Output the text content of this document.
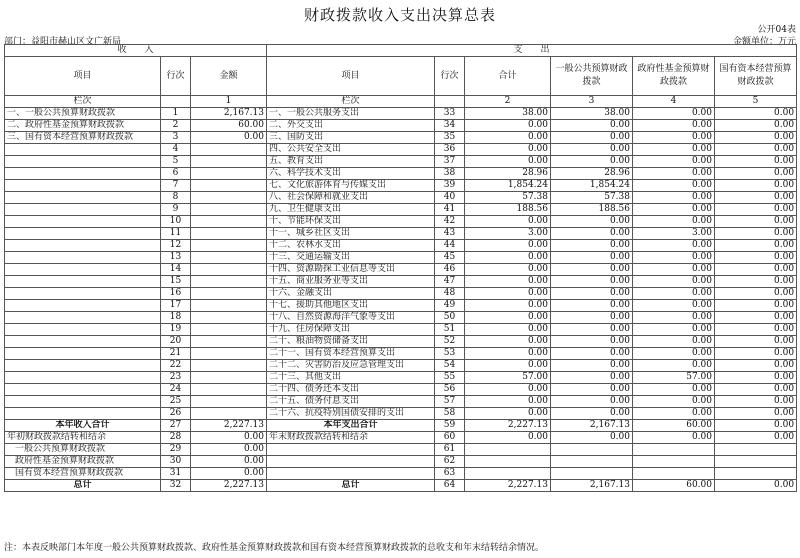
财政拨款收入支出决算总表
公开04表
部门：益阳市赫山区文广新局	金额单位：万元
收　　入			支　　出					
项目	行次	金额	项目	行次	合计	一般公共预算财政拨款	政府性基金预算财政拨款	国有资本经营预算财政拨款
栏次		1	栏次		2	3	4	5
一、一般公共预算财政拨款	1	2,167.13	一、一般公共服务支出	33	38.00	38.00	0.00	0.00
二、政府性基金预算财政拨款	2	60.00	二、外交支出	34	0.00	0.00	0.00	0.00
三、国有资本经营预算财政拨款	3	0.00	三、国防支出	35	0.00	0.00	0.00	0.00
	4		四、公共安全支出	36	0.00	0.00	0.00	0.00
	5		五、教育支出	37	0.00	0.00	0.00	0.00
	6		六、科学技术支出	38	28.96	28.96	0.00	0.00
	7		七、文化旅游体育与传媒支出	39	1,854.24	1,854.24	0.00	0.00
	8		八、社会保障和就业支出	40	57.38	57.38	0.00	0.00
	9		九、卫生健康支出	41	188.56	188.56	0.00	0.00
	10		十、节能环保支出	42	0.00	0.00	0.00	0.00
	11		十一、城乡社区支出	43	3.00	0.00	3.00	0.00
	12		十二、农林水支出	44	0.00	0.00	0.00	0.00
	13		十三、交通运输支出	45	0.00	0.00	0.00	0.00
	14		十四、资源勘探工业信息等支出	46	0.00	0.00	0.00	0.00
	15		十五、商业服务业等支出	47	0.00	0.00	0.00	0.00
	16		十六、金融支出	48	0.00	0.00	0.00	0.00
	17		十七、援助其他地区支出	49	0.00	0.00	0.00	0.00
	18		十八、自然资源海洋气象等支出	50	0.00	0.00	0.00	0.00
	19		十九、住房保障支出	51	0.00	0.00	0.00	0.00
	20		二十、粮油物资储备支出	52	0.00	0.00	0.00	0.00
	21		二十一、国有资本经营预算支出	53	0.00	0.00	0.00	0.00
	22		二十二、灾害防治及应急管理支出	54	0.00	0.00	0.00	0.00
	23		二十三、其他支出	55	57.00	0.00	57.00	0.00
	24		二十四、债务还本支出	56	0.00	0.00	0.00	0.00
	25		二十五、债务付息支出	57	0.00	0.00	0.00	0.00
	26		二十六、抗疫特别国债安排的支出	58	0.00	0.00	0.00	0.00
本年收入合计	27	2,227.13	本年支出合计	59	2,227.13	2,167.13	60.00	0.00
年初财政拨款结转和结余	28	0.00	年末财政拨款结转和结余	60	0.00	0.00	0.00	0.00
一般公共预算财政拨款	29	0.00		61				
政府性基金预算财政拨款	30	0.00		62				
国有资本经营预算财政拨款	31	0.00		63				
总计	32	2,227.13	总计	64	2,227.13	2,167.13	60.00	0.00
注：本表反映部门本年度一般公共预算财政拨款、政府性基金预算财政拨款和国有资本经营预算财政拨款的总收支和年末结转结余情况。
